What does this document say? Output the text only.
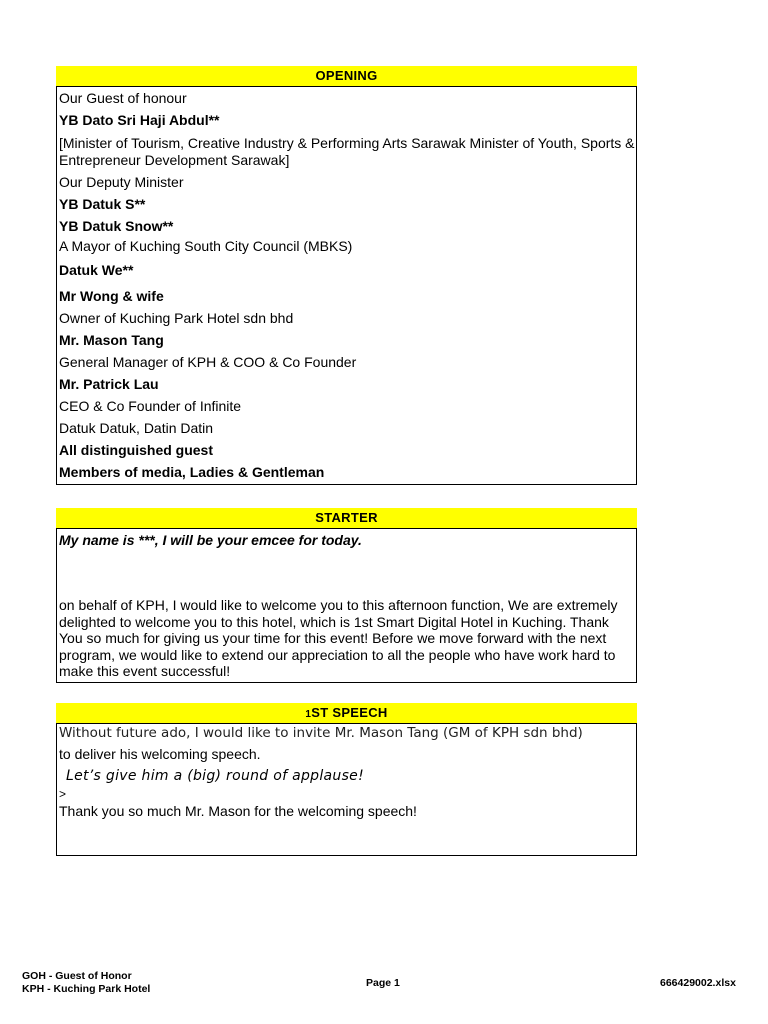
OPENING
Our Guest of honour
YB Dato Sri Haji Abdul**
[Minister of Tourism, Creative Industry & Performing Arts Sarawak Minister of Youth, Sports & Entrepreneur Development Sarawak]
Our Deputy Minister
YB Datuk S**
YB Datuk Snow**
A Mayor of Kuching South City Council (MBKS)
Datuk We**
Mr Wong & wife
Owner of Kuching Park Hotel sdn bhd
Mr. Mason Tang
General Manager of KPH & COO & Co Founder
Mr. Patrick Lau
CEO & Co Founder of Infinite
Datuk Datuk, Datin Datin
All distinguished guest
Members of media, Ladies & Gentleman
STARTER
My name is ***, I will be your emcee for today.
on behalf of KPH, I would like to welcome you to this afternoon function, We are extremely delighted to welcome you to this hotel, which is 1st Smart Digital Hotel in Kuching. Thank You so much for giving us your time for this event! Before we move forward with the next program, we would like to extend our appreciation to all the people who have work hard to make this event successful!
1ST SPEECH
Without future ado, I would like to invite Mr. Mason Tang (GM of KPH sdn bhd)
to deliver his welcoming speech.
Let’s give him a (big) round of applause!
>
Thank you so much Mr. Mason for the welcoming speech!
GOH - Guest of Honor
KPH - Kuching Park Hotel	Page 1	666429002.xlsx
